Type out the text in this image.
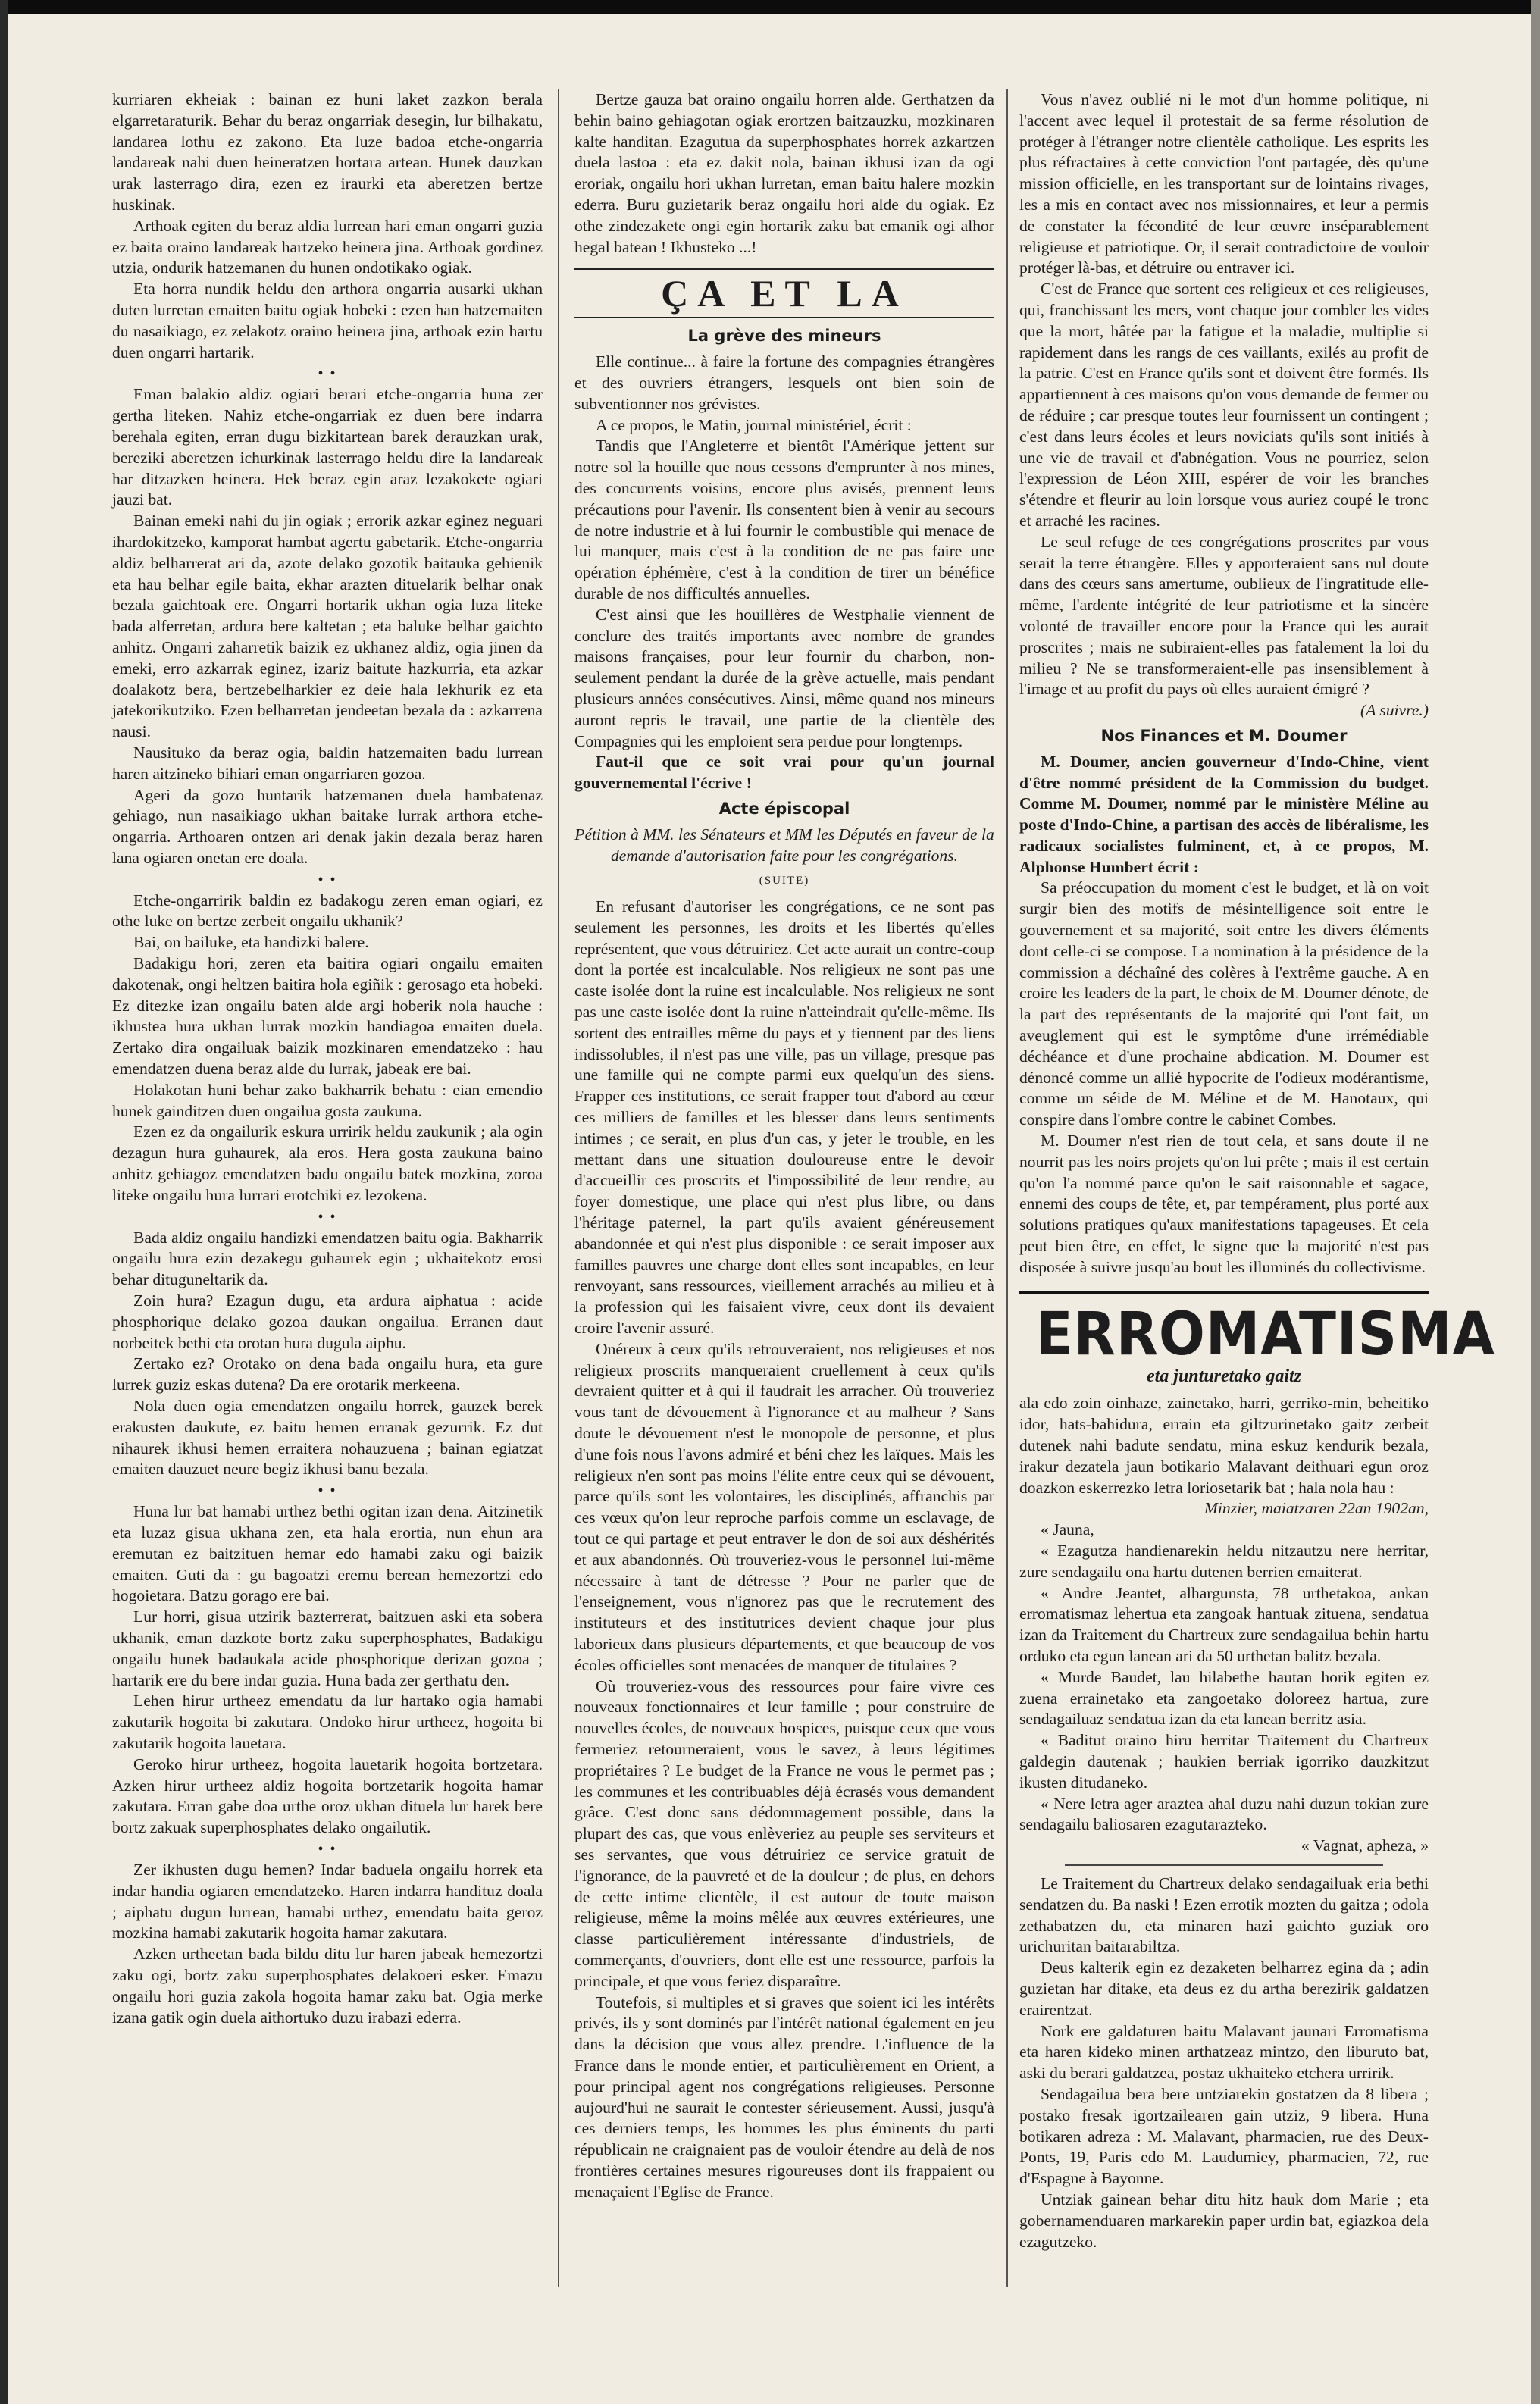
kurriaren ekheiak : bainan ez huni laket zazkon berala elgarretaraturik. Behar du beraz ongarriak desegin, lur bilhakatu, landarea lothu ez zakono. Eta luze badoa etche-ongarria landareak nahi duen heineratzen hortara artean. Hunek dauzkan urak lasterrago dira, ezen ez iraurki eta aberetzen bertze huskinak.

Arthoak egiten du beraz aldia lurrean hari eman ongarri guzia ez baita oraino landareak hartzeko heinera jina. Arthoak gordinez utzia, ondurik hatzemanen du hunen ondotikako ogiak.

Eta horra nundik heldu den arthora ongarria ausarki ukhan duten lurretan emaiten baitu ogiak hobeki : ezen han hatzemaiten du nasaikiago, ez zelakotz oraino heinera jina, arthoak ezin hartu duen ongarri hartarik.

• •

Eman balakio aldiz ogiari berari etche-ongarria huna zer gertha liteken. Nahiz etche-ongarriak ez duen bere indarra berehala egiten, erran dugu bizkitartean barek derauzkan urak, bereziki aberetzen ichurkinak lasterrago heldu dire la landareak har ditzazken heinera. Hek beraz egin araz lezakokete ogiari jauzi bat.

Bainan emeki nahi du jin ogiak ; errorik azkar eginez neguari ihardokitzeko, kamporat hambat agertu gabetarik. Etche-ongarria aldiz belharrerat ari da, azote delako gozotik baitauka gehienik eta hau belhar egile baita, ekhar arazten dituelarik belhar onak bezala gaichtoak ere. Ongarri hortarik ukhan ogia luza liteke bada alferretan, ardura bere kaltetan ; eta baluke belhar gaichto anhitz. Ongarri zaharretik baizik ez ukhanez aldiz, ogia jinen da emeki, erro azkarrak eginez, izariz baitute hazkurria, eta azkar doalakotz bera, bertzebelharkier ez deie hala lekhurik ez eta jatekorikutziko. Ezen belharretan jendeetan bezala da : azkarrena nausi.

Nausituko da beraz ogia, baldin hatzemaiten badu lurrean haren aitzineko bihiari eman ongarriaren gozoa.

Ageri da gozo huntarik hatzemanen duela hambatenaz gehiago, nun nasaikiago ukhan baitake lurrak arthora etche-ongarria. Arthoaren ontzen ari denak jakin dezala beraz haren lana ogiaren onetan ere doala.

• •

Etche-ongarririk baldin ez badakogu zeren eman ogiari, ez othe luke on bertze zerbeit ongailu ukhanik?

Bai, on bailuke, eta handizki balere.

Badakigu hori, zeren eta baitira ogiari ongailu emaiten dakotenak, ongi heltzen baitira hola egiñik : gerosago eta hobeki. Ez ditezke izan ongailu baten alde argi hoberik nola hauche : ikhustea hura ukhan lurrak mozkin handiagoa emaiten duela. Zertako dira ongailuak baizik mozkinaren emendatzeko : hau emendatzen duena beraz alde du lurrak, jabeak ere bai.

Holakotan huni behar zako bakharrik behatu : eian emendio hunek gainditzen duen ongailua gosta zaukuna.

Ezen ez da ongailurik eskura urririk heldu zaukunik ; ala ogin dezagun hura guhaurek, ala eros. Hera gosta zaukuna baino anhitz gehiagoz emendatzen badu ongailu batek mozkina, zoroa liteke ongailu hura lurrari erotchiki ez lezokena.

• •

Bada aldiz ongailu handizki emendatzen baitu ogia. Bakharrik ongailu hura ezin dezakegu guhaurek egin ; ukhaitekotz erosi behar dituguneltarik da.

Zoin hura? Ezagun dugu, eta ardura aiphatua : acide phosphorique delako gozoa daukan ongailua. Erranen daut norbeitek bethi eta orotan hura dugula aiphu.

Zertako ez? Orotako on dena bada ongailu hura, eta gure lurrek guziz eskas dutena? Da ere orotarik merkeena.

Nola duen ogia emendatzen ongailu horrek, gauzek berek erakusten daukute, ez baitu hemen erranak gezurrik. Ez dut nihaurek ikhusi hemen erraitera nohauzuena ; bainan egiatzat emaiten dauzuet neure begiz ikhusi banu bezala.

• •

Huna lur bat hamabi urthez bethi ogitan izan dena. Aitzinetik eta luzaz gisua ukhana zen, eta hala erortia, nun ehun ara eremutan ez baitzituen hemar edo hamabi zaku ogi baizik emaiten. Guti da : gu bagoatzi eremu berean hemezortzi edo hogoietara. Batzu gorago ere bai.

Lur horri, gisua utzirik bazterrerat, baitzuen aski eta sobera ukhanik, eman dazkote bortz zaku superphosphates, Badakigu ongailu hunek badaukala acide phosphorique derizan gozoa ; hartarik ere du bere indar guzia. Huna bada zer gerthatu den.

Lehen hirur urtheez emendatu da lur hartako ogia hamabi zakutarik hogoita bi zakutara. Ondoko hirur urtheez, hogoita bi zakutarik hogoita lauetara.

Geroko hirur urtheez, hogoita lauetarik hogoita bortzetara. Azken hirur urtheez aldiz hogoita bortzetarik hogoita hamar zakutara. Erran gabe doa urthe oroz ukhan dituela lur harek bere bortz zakuak superphosphates delako ongailutik.

• •

Zer ikhusten dugu hemen? Indar baduela ongailu horrek eta indar handia ogiaren emendatzeko. Haren indarra handituz doala ; aiphatu dugun lurrean, hamabi urthez, emendatu baita geroz mozkina hamabi zakutarik hogoita hamar zakutara.

Azken urtheetan bada bildu ditu lur haren jabeak hemezortzi zaku ogi, bortz zaku superphosphates delakoeri esker. Emazu ongailu hori guzia zakola hogoita hamar zaku bat. Ogia merke izana gatik ogin duela aithortuko duzu irabazi ederra.

Bertze gauza bat oraino ongailu horren alde. Gerthatzen da behin baino gehiagotan ogiak erortzen baitzauzku, mozkinaren kalte handitan. Ezagutua da superphosphates horrek azkartzen duela lastoa : eta ez dakit nola, bainan ikhusi izan da ogi eroriak, ongailu hori ukhan lurretan, eman baitu halere mozkin ederra. Buru guzietarik beraz ongailu hori alde du ogiak. Ez othe zindezakete ongi egin hortarik zaku bat emanik ogi alhor hegal batean ! Ikhusteko ...!

ÇA ET LA
La grève des mineurs

Elle continue... à faire la fortune des compagnies étrangères et des ouvriers étrangers, lesquels ont bien soin de subventionner nos grévistes.

A ce propos, le Matin, journal ministériel, écrit :

Tandis que l'Angleterre et bientôt l'Amérique jettent sur notre sol la houille que nous cessons d'emprunter à nos mines, des concurrents voisins, encore plus avisés, prennent leurs précautions pour l'avenir. Ils consentent bien à venir au secours de notre industrie et à lui fournir le combustible qui menace de lui manquer, mais c'est à la condition de ne pas faire une opération éphémère, c'est à la condition de tirer un bénéfice durable de nos difficultés annuelles.

C'est ainsi que les houillères de Westphalie viennent de conclure des traités importants avec nombre de grandes maisons françaises, pour leur fournir du charbon, non-seulement pendant la durée de la grève actuelle, mais pendant plusieurs années consécutives. Ainsi, même quand nos mineurs auront repris le travail, une partie de la clientèle des Compagnies qui les emploient sera perdue pour longtemps.

Faut-il que ce soit vrai pour qu'un journal gouvernemental l'écrive !

Acte épiscopal

Pétition à MM. les Sénateurs et MM les Députés en faveur de la demande d'autorisation faite pour les congrégations.

(SUITE)

En refusant d'autoriser les congrégations, ce ne sont pas seulement les personnes, les droits et les libertés qu'elles représentent, que vous détruiriez. Cet acte aurait un contre-coup dont la portée est incalculable. Nos religieux ne sont pas une caste isolée dont la ruine est incalculable. Nos religieux ne sont pas une caste isolée dont la ruine n'atteindrait qu'elle-même. Ils sortent des entrailles même du pays et y tiennent par des liens indissolubles, il n'est pas une ville, pas un village, presque pas une famille qui ne compte parmi eux quelqu'un des siens. Frapper ces institutions, ce serait frapper tout d'abord au cœur ces milliers de familles et les blesser dans leurs sentiments intimes ; ce serait, en plus d'un cas, y jeter le trouble, en les mettant dans une situation douloureuse entre le devoir d'accueillir ces proscrits et l'impossibilité de leur rendre, au foyer domestique, une place qui n'est plus libre, ou dans l'héritage paternel, la part qu'ils avaient généreusement abandonnée et qui n'est plus disponible : ce serait imposer aux familles pauvres une charge dont elles sont incapables, en leur renvoyant, sans ressources, vieillement arrachés au milieu et à la profession qui les faisaient vivre, ceux dont ils devaient croire l'avenir assuré.

Onéreux à ceux qu'ils retrouveraient, nos religieuses et nos religieux proscrits manqueraient cruellement à ceux qu'ils devraient quitter et à qui il faudrait les arracher. Où trouveriez vous tant de dévouement à l'ignorance et au malheur ? Sans doute le dévouement n'est le monopole de personne, et plus d'une fois nous l'avons admiré et béni chez les laïques. Mais les religieux n'en sont pas moins l'élite entre ceux qui se dévouent, parce qu'ils sont les volontaires, les disciplinés, affranchis par ces vœux qu'on leur reproche parfois comme un esclavage, de tout ce qui partage et peut entraver le don de soi aux déshérités et aux abandonnés. Où trouveriez-vous le personnel lui-même nécessaire à tant de détresse ? Pour ne parler que de l'enseignement, vous n'ignorez pas que le recrutement des instituteurs et des institutrices devient chaque jour plus laborieux dans plusieurs départements, et que beaucoup de vos écoles officielles sont menacées de manquer de titulaires ?

Où trouveriez-vous des ressources pour faire vivre ces nouveaux fonctionnaires et leur famille ; pour construire de nouvelles écoles, de nouveaux hospices, puisque ceux que vous fermeriez retourneraient, vous le savez, à leurs légitimes propriétaires ? Le budget de la France ne vous le permet pas ; les communes et les contribuables déjà écrasés vous demandent grâce. C'est donc sans dédommagement possible, dans la plupart des cas, que vous enlèveriez au peuple ses serviteurs et ses servantes, que vous détruiriez ce service gratuit de l'ignorance, de la pauvreté et de la douleur ; de plus, en dehors de cette intime clientèle, il est autour de toute maison religieuse, même la moins mêlée aux œuvres extérieures, une classe particulièrement intéressante d'industriels, de commerçants, d'ouvriers, dont elle est une ressource, parfois la principale, et que vous feriez disparaître.

Toutefois, si multiples et si graves que soient ici les intérêts privés, ils y sont dominés par l'intérêt national également en jeu dans la décision que vous allez prendre. L'influence de la France dans le monde entier, et particulièrement en Orient, a pour principal agent nos congrégations religieuses. Personne aujourd'hui ne saurait le contester sérieusement. Aussi, jusqu'à ces derniers temps, les hommes les plus éminents du parti républicain ne craignaient pas de vouloir étendre au delà de nos frontières certaines mesures rigoureuses dont ils frappaient ou menaçaient l'Eglise de France.

Vous n'avez oublié ni le mot d'un homme politique, ni l'accent avec lequel il protestait de sa ferme résolution de protéger à l'étranger notre clientèle catholique. Les esprits les plus réfractaires à cette conviction l'ont partagée, dès qu'une mission officielle, en les transportant sur de lointains rivages, les a mis en contact avec nos missionnaires, et leur a permis de constater la fécondité de leur œuvre inséparablement religieuse et patriotique. Or, il serait contradictoire de vouloir protéger là-bas, et détruire ou entraver ici.

C'est de France que sortent ces religieux et ces religieuses, qui, franchissant les mers, vont chaque jour combler les vides que la mort, hâtée par la fatigue et la maladie, multiplie si rapidement dans les rangs de ces vaillants, exilés au profit de la patrie. C'est en France qu'ils sont et doivent être formés. Ils appartiennent à ces maisons qu'on vous demande de fermer ou de réduire ; car presque toutes leur fournissent un contingent ; c'est dans leurs écoles et leurs noviciats qu'ils sont initiés à une vie de travail et d'abnégation. Vous ne pourriez, selon l'expression de Léon XIII, espérer de voir les branches s'étendre et fleurir au loin lorsque vous auriez coupé le tronc et arraché les racines.

Le seul refuge de ces congrégations proscrites par vous serait la terre étrangère. Elles y apporteraient sans nul doute dans des cœurs sans amertume, oublieux de l'ingratitude elle-même, l'ardente intégrité de leur patriotisme et la sincère volonté de travailler encore pour la France qui les aurait proscrites ; mais ne subiraient-elles pas fatalement la loi du milieu ? Ne se transformeraient-elle pas insensiblement à l'image et au profit du pays où elles auraient émigré ?

(A suivre.)
Nos Finances et M. Doumer

M. Doumer, ancien gouverneur d'Indo-Chine, vient d'être nommé président de la Commission du budget. Comme M. Doumer, nommé par le ministère Méline au poste d'Indo-Chine, a partisan des accès de libéralisme, les radicaux socialistes fulminent, et, à ce propos, M. Alphonse Humbert écrit :

Sa préoccupation du moment c'est le budget, et là on voit surgir bien des motifs de mésintelligence soit entre le gouvernement et sa majorité, soit entre les divers éléments dont celle-ci se compose. La nomination à la présidence de la commission a déchaîné des colères à l'extrême gauche. A en croire les leaders de la part, le choix de M. Doumer dénote, de la part des représentants de la majorité qui l'ont fait, un aveuglement qui est le symptôme d'une irrémédiable déchéance et d'une prochaine abdication. M. Doumer est dénoncé comme un allié hypocrite de l'odieux modérantisme, comme un séide de M. Méline et de M. Hanotaux, qui conspire dans l'ombre contre le cabinet Combes.

M. Doumer n'est rien de tout cela, et sans doute il ne nourrit pas les noirs projets qu'on lui prête ; mais il est certain qu'on l'a nommé parce qu'on le sait raisonnable et sagace, ennemi des coups de tête, et, par tempérament, plus porté aux solutions pratiques qu'aux manifestations tapageuses. Et cela peut bien être, en effet, le signe que la majorité n'est pas disposée à suivre jusqu'au bout les illuminés du collectivisme.

ERROMATISMA
eta junturetako gaitz

ala edo zoin oinhaze, zainetako, harri, gerriko-min, beheitiko idor, hats-bahidura, errain eta giltzurinetako gaitz zerbeit dutenek nahi badute sendatu, mina eskuz kendurik bezala, irakur dezatela jaun botikario Malavant deithuari egun oroz doazkon eskerrezko letra loriosetarik bat ; hala nola hau :

Minzier, maiatzaren 22an 1902an,

« Jauna,

« Ezagutza handienarekin heldu nitzautzu nere herritar, zure sendagailu ona hartu dutenen berrien emaiterat.

« Andre Jeantet, alhargunsta, 78 urthetakoa, ankan erromatismaz lehertua eta zangoak hantuak zituena, sendatua izan da Traitement du Chartreux zure sendagailua behin hartu orduko eta egun lanean ari da 50 urthetan balitz bezala.

« Murde Baudet, lau hilabethe hautan horik egiten ez zuena errainetako eta zangoetako doloreez hartua, zure sendagailuaz sendatua izan da eta lanean berritz asia.

« Baditut oraino hiru herritar Traitement du Chartreux galdegin dautenak ; haukien berriak igorriko dauzkitzut ikusten ditudaneko.

« Nere letra ager araztea ahal duzu nahi duzun tokian zure sendagailu baliosaren ezagutarazteko.

« Vagnat, apheza, »

Le Traitement du Chartreux delako sendagailuak eria bethi sendatzen du. Ba naski ! Ezen errotik mozten du gaitza ; odola zethabatzen du, eta minaren hazi gaichto guziak oro urichuritan baitarabiltza.

Deus kalterik egin ez dezaketen belharrez egina da ; adin guzietan har ditake, eta deus ez du artha berezirik galdatzen erairentzat.

Nork ere galdaturen baitu Malavant jaunari Erromatisma eta haren kideko minen arthatzeaz mintzo, den liburuto bat, aski du berari galdatzea, postaz ukhaiteko etchera urririk.

Sendagailua bera bere untziarekin gostatzen da 8 libera ; postako fresak igortzailearen gain utziz, 9 libera. Huna botikaren adreza : M. Malavant, pharmacien, rue des Deux-Ponts, 19, Paris edo M. Laudumiey, pharmacien, 72, rue d'Espagne à Bayonne.

Untziak gainean behar ditu hitz hauk dom Marie ; eta gobernamenduaren markarekin paper urdin bat, egiazkoa dela ezagutzeko.
